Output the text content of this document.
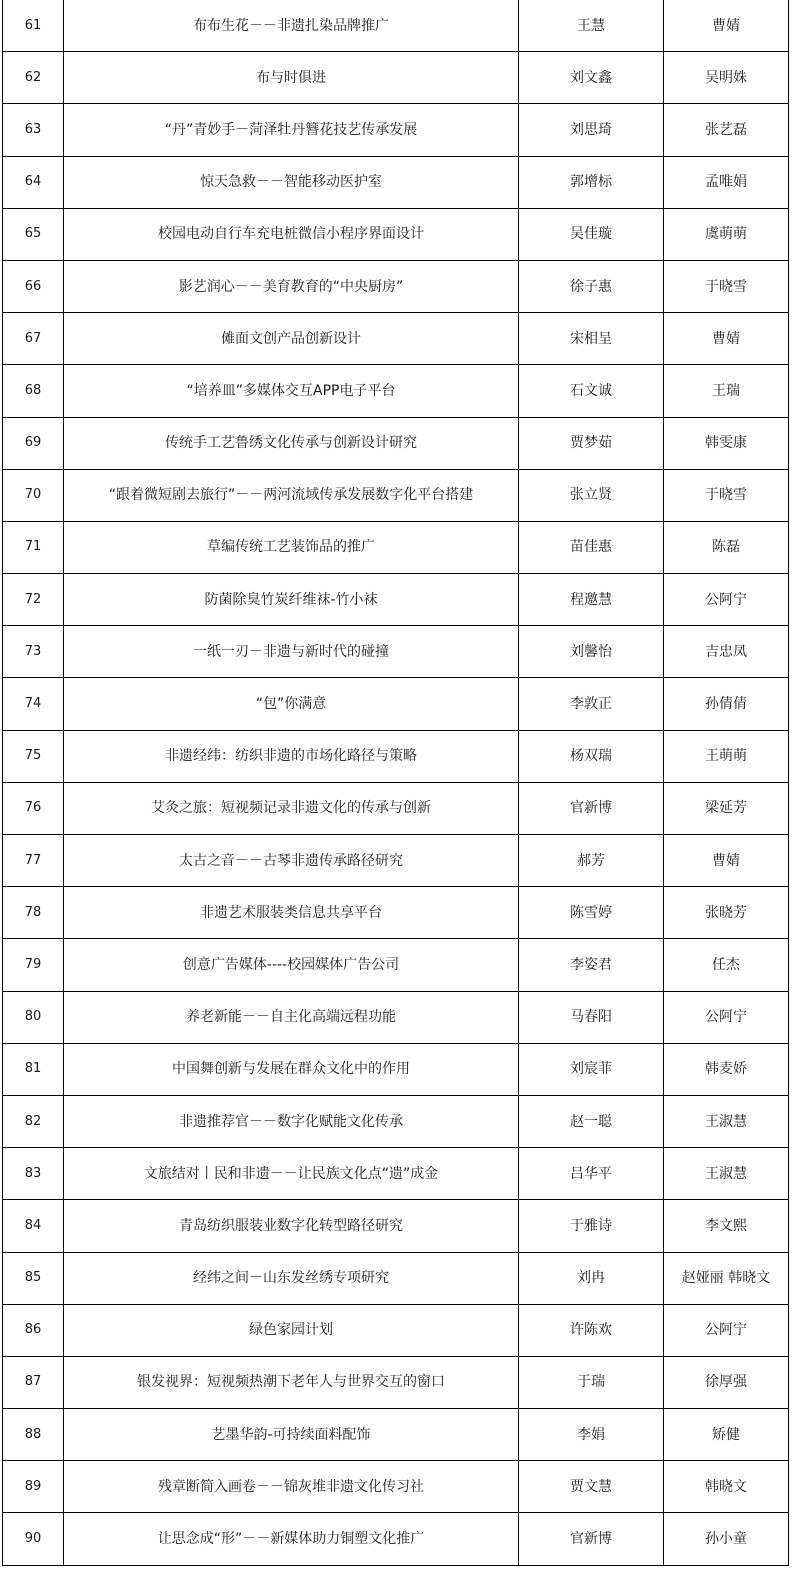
61	布布生花－－非遗扎染品牌推广	王慧	曹婧
62	布与时俱进	刘文鑫	吴明姝
63	“丹”青妙手－菏泽牡丹簪花技艺传承发展	刘思琦	张艺磊
64	惊天急救－－智能移动医护室	郭增标	孟唯娟
65	校园电动自行车充电桩微信小程序界面设计	吴佳璇	虞萌萌
66	影艺润心－－美育教育的“中央厨房”	徐子惠	于晓雪
67	傩面文创产品创新设计	宋相呈	曹婧
68	“培养皿”多媒体交互APP电子平台	石文诚	王瑞
69	传统手工艺鲁绣文化传承与创新设计研究	贾梦茹	韩雯康
70	“跟着微短剧去旅行”－－两河流域传承发展数字化平台搭建	张立贤	于晓雪
71	草编传统工艺装饰品的推广	苗佳惠	陈磊
72	防菌除臭竹炭纤维袜-竹小袜	程邀慧	公阿宁
73	一纸一刃－非遗与新时代的碰撞	刘馨怡	吉忠凤
74	“包”你满意	李敦正	孙倩倩
75	非遗经纬：纺织非遗的市场化路径与策略	杨双瑞	王萌萌
76	艾灸之旅：短视频记录非遗文化的传承与创新	官新博	梁延芳
77	太古之音－－古琴非遗传承路径研究	郝芳	曹婧
78	非遗艺术服装类信息共享平台	陈雪婷	张晓芳
79	创意广告媒体----校园媒体广告公司	李姿君	任杰
80	养老新能－－自主化高端远程功能	马春阳	公阿宁
81	中国舞创新与发展在群众文化中的作用	刘宸菲	韩麦娇
82	非遗推荐官－－数字化赋能文化传承	赵一聪	王淑慧
83	文旅结对丨民和非遗－－让民族文化点“遗”成金	吕华平	王淑慧
84	青岛纺织服装业数字化转型路径研究	于雅诗	李文熙
85	经纬之间－山东发丝绣专项研究	刘冉	赵娅丽 韩晓文
86	绿色家园计划	许陈欢	公阿宁
87	银发视界：短视频热潮下老年人与世界交互的窗口	于瑞	徐厚强
88	艺墨华韵-可持续面料配饰	李娟	矫健
89	残章断简入画卷－－锦灰堆非遗文化传习社	贾文慧	韩晓文
90	让思念成“形”－－新媒体助力铜塑文化推广	官新博	孙小童
